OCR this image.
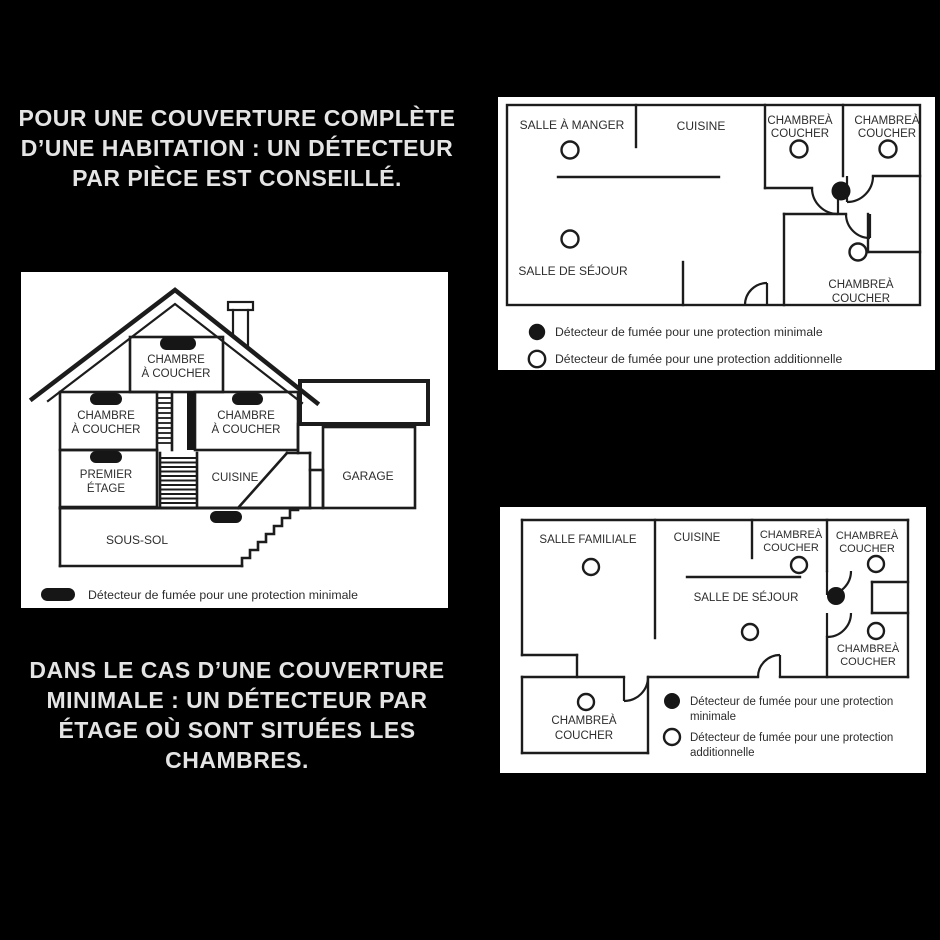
POUR UNE COUVERTURE COMPLÈTE
D’UNE HABITATION : UN DÉTECTEUR
PAR PIÈCE EST CONSEILLÉ.
DANS LE CAS D’UNE COUVERTURE
MINIMALE : UN DÉTECTEUR PAR
ÉTAGE OÙ SONT SITUÉES LES
CHAMBRES.
SALLE À MANGER	CUISINE	CHAMBREÀ
COUCHER
CHAMBREÀ
COUCHER
SALLE DE SÉJOUR
CHAMBREÀ
COUCHER
Détecteur de fumée pour une protection minimale
Détecteur de fumée pour une protection additionnelle
CHAMBRE
À COUCHER
CHAMBRE
À COUCHER
CHAMBRE
À COUCHER
PREMIER
ÉTAGE
CUISINE	GARAGE
SOUS-SOL
Détecteur de fumée pour une protection minimale
SALLE FAMILIALE	CUISINE	CHAMBREÀ
COUCHER
CHAMBREÀ
COUCHER
SALLE DE SÉJOUR
CHAMBREÀ
COUCHER
CHAMBREÀ
COUCHER
Détecteur de fumée pour une protection
minimale
Détecteur de fumée pour une protection
additionnelle
